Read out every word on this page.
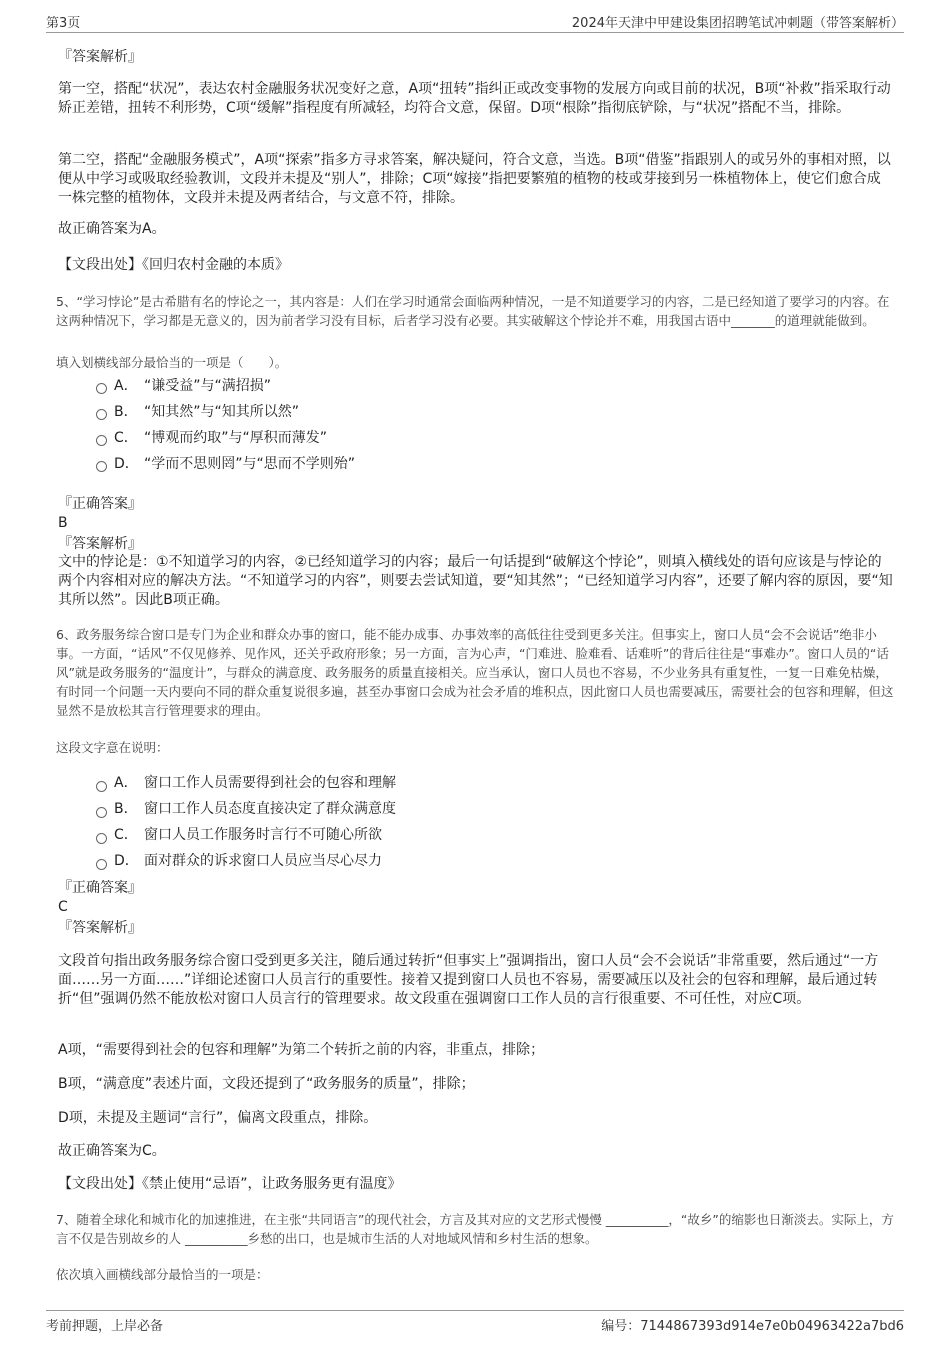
第3页	2024年天津中甲建设集团招聘笔试冲刺题（带答案解析）

『答案解析』

第一空，搭配“状况”，表达农村金融服务状况变好之意，A项“扭转”指纠正或改变事物的发展方向或目前的状况，B项“补救”指采取行动矫正差错，扭转不利形势，C项“缓解”指程度有所减轻，均符合文意，保留。D项“根除”指彻底铲除，与“状况”搭配不当，排除。

第二空，搭配“金融服务模式”，A项“探索”指多方寻求答案，解决疑问，符合文意，当选。B项“借鉴”指跟别人的或另外的事相对照，以便从中学习或吸取经验教训，文段并未提及“别人”，排除；C项“嫁接”指把要繁殖的植物的枝或芽接到另一株植物体上，使它们愈合成一株完整的植物体，文段并未提及两者结合，与文意不符，排除。

故正确答案为A。

【文段出处】《回归农村金融的本质》

5、“学习悖论”是古希腊有名的悖论之一，其内容是：人们在学习时通常会面临两种情况，一是不知道要学习的内容，二是已经知道了要学习的内容。在这两种情况下，学习都是无意义的，因为前者学习没有目标，后者学习没有必要。其实破解这个悖论并不难，用我国古语中_______的道理就能做到。

填入划横线部分最恰当的一项是（　　）。

A． “谦受益”与“满招损”
B． “知其然”与“知其所以然”
C． “博观而约取”与“厚积而薄发”
D． “学而不思则罔”与“思而不学则殆”

『正确答案』

B

『答案解析』

文中的悖论是：①不知道学习的内容，②已经知道学习的内容；最后一句话提到“破解这个悖论”，则填入横线处的语句应该是与悖论的两个内容相对应的解决方法。“不知道学习的内容”，则要去尝试知道，要“知其然”；“已经知道学习内容”，还要了解内容的原因，要“知其所以然”。因此B项正确。

6、政务服务综合窗口是专门为企业和群众办事的窗口，能不能办成事、办事效率的高低往往受到更多关注。但事实上，窗口人员“会不会说话”绝非小事。一方面，“话风”不仅见修养、见作风，还关乎政府形象；另一方面，言为心声，“门难进、脸难看、话难听”的背后往往是“事难办”。窗口人员的“话风”就是政务服务的“温度计”，与群众的满意度、政务服务的质量直接相关。应当承认，窗口人员也不容易，不少业务具有重复性，一复一日难免枯燥，有时同一个问题一天内要向不同的群众重复说很多遍，甚至办事窗口会成为社会矛盾的堆积点，因此窗口人员也需要减压，需要社会的包容和理解，但这显然不是放松其言行管理要求的理由。

这段文字意在说明：

A． 窗口工作人员需要得到社会的包容和理解
B． 窗口工作人员态度直接决定了群众满意度
C． 窗口人员工作服务时言行不可随心所欲
D． 面对群众的诉求窗口人员应当尽心尽力

『正确答案』

C

『答案解析』

文段首句指出政务服务综合窗口受到更多关注，随后通过转折“但事实上”强调指出，窗口人员“会不会说话”非常重要，然后通过“一方面……另一方面……”详细论述窗口人员言行的重要性。接着又提到窗口人员也不容易，需要减压以及社会的包容和理解，最后通过转折“但”强调仍然不能放松对窗口人员言行的管理要求。故文段重在强调窗口工作人员的言行很重要、不可任性，对应C项。

A项，“需要得到社会的包容和理解”为第二个转折之前的内容，非重点，排除；

B项，“满意度”表述片面，文段还提到了“政务服务的质量”，排除；

D项，未提及主题词“言行”，偏离文段重点，排除。

故正确答案为C。

【文段出处】《禁止使用“忌语”，让政务服务更有温度》

7、随着全球化和城市化的加速推进，在主张“共同语言”的现代社会，方言及其对应的文艺形式慢慢 __________，“故乡”的缩影也日渐淡去。实际上，方言不仅是告别故乡的人 __________乡愁的出口，也是城市生活的人对地域风情和乡村生活的想象。

依次填入画横线部分最恰当的一项是：

考前押题，上岸必备	编号：7144867393d914e7e0b04963422a7bd6
